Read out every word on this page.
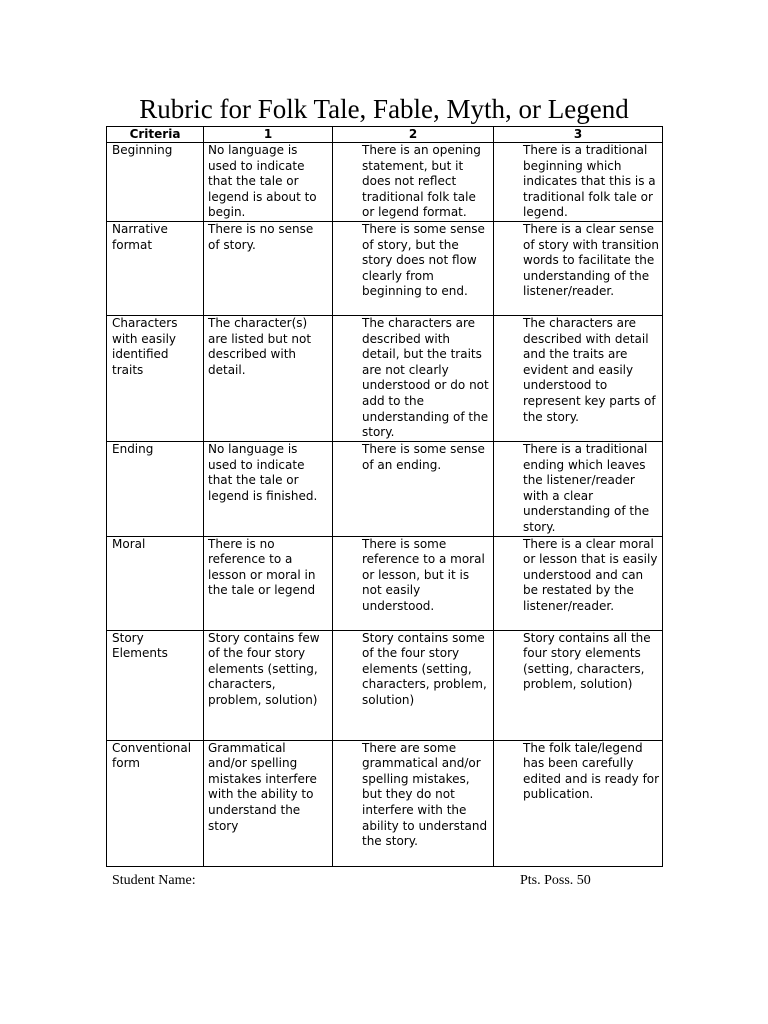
Rubric for Folk Tale, Fable, Myth, or Legend
Criteria	1	2	3
Beginning	No language is used to indicate that the tale or legend is about to begin.	There is an opening statement, but it does not reflect traditional folk tale or legend format.	There is a traditional beginning which indicates that this is a traditional folk tale or legend.
Narrative format	There is no sense of story.	There is some sense of story, but the story does not flow clearly from beginning to end.	There is a clear sense of story with transition words to facilitate the understanding of the listener/reader.
Characters with easily identified traits	The character(s) are listed but not described with detail.	The characters are described with detail, but the traits are not clearly understood or do not add to the understanding of the story.	The characters are described with detail and the traits are evident and easily understood to represent key parts of the story.
Ending	No language is used to indicate that the tale or legend is finished.	There is some sense of an ending.	There is a traditional ending which leaves the listener/reader with a clear understanding of the story.
Moral	There is no reference to a lesson or moral in the tale or legend	There is some reference to a moral or lesson, but it is not easily understood.	There is a clear moral or lesson that is easily understood and can be restated by the listener/reader.
Story Elements	Story contains few of the four story elements (setting, characters, problem, solution)	Story contains some of the four story elements (setting, characters, problem, solution)	Story contains all the four story elements (setting, characters, problem, solution)
Conventional form	Grammatical and/or spelling mistakes interfere with the ability to understand the story	There are some grammatical and/or spelling mistakes, but they do not interfere with the ability to understand the story.	The folk tale/legend has been carefully edited and is ready for publication.
Student Name:	Pts. Poss. 50
